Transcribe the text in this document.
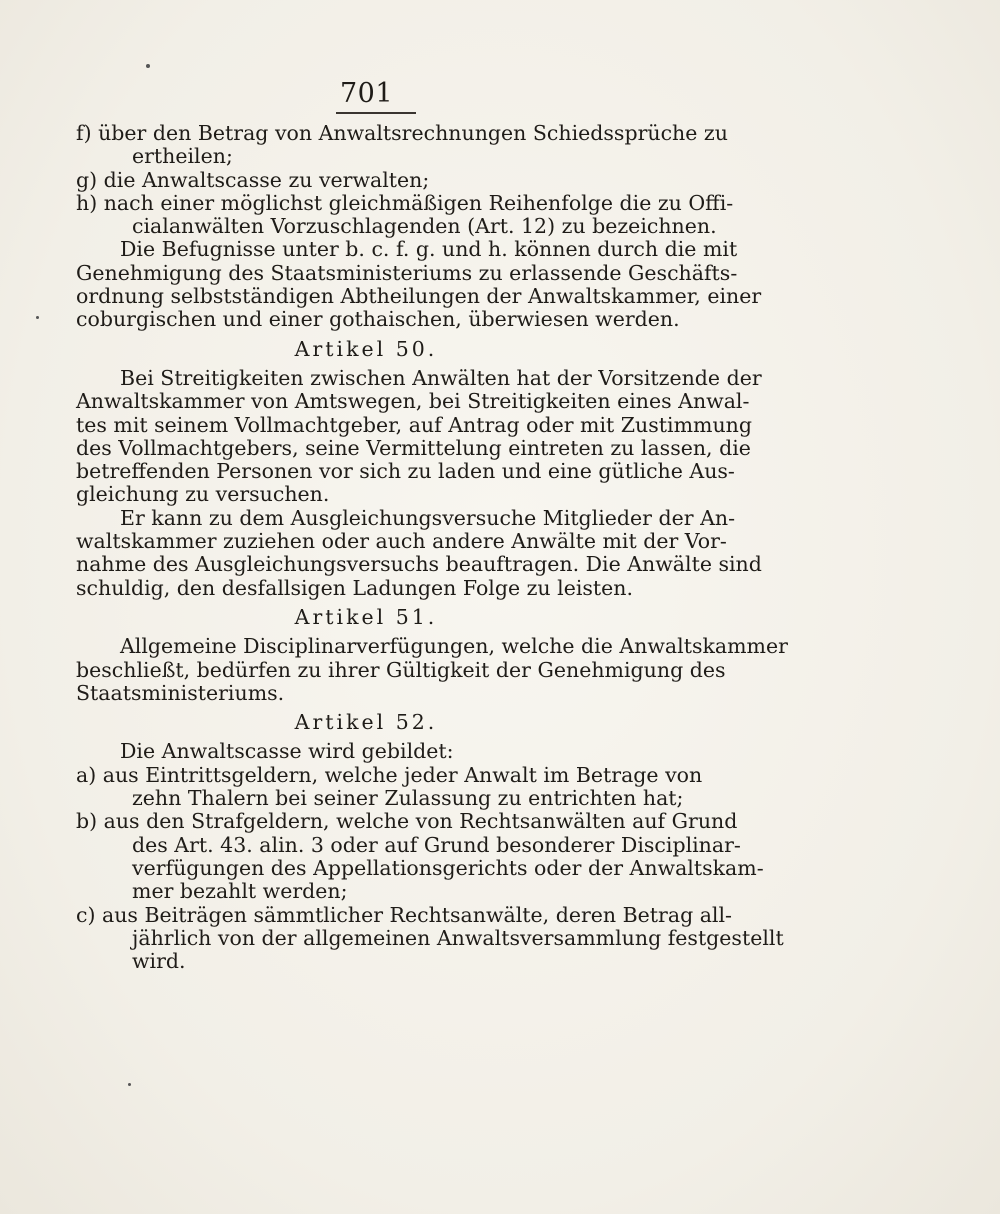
701
f) über den Betrag von Anwaltsrechnungen Schiedssprüche zu
ertheilen;
g) die Anwaltscasse zu verwalten;
h) nach einer möglichst gleichmäßigen Reihenfolge die zu Offi-
cialanwälten Vorzuschlagenden (Art. 12) zu bezeichnen.
Die Befugnisse unter b. c. f. g. und h. können durch die mit
Genehmigung des Staatsministeriums zu erlassende Geschäfts-
ordnung selbstständigen Abtheilungen der Anwaltskammer, einer
coburgischen und einer gothaischen, überwiesen werden.
Artikel 50.
Bei Streitigkeiten zwischen Anwälten hat der Vorsitzende der
Anwaltskammer von Amtswegen, bei Streitigkeiten eines Anwal-
tes mit seinem Vollmachtgeber, auf Antrag oder mit Zustimmung
des Vollmachtgebers, seine Vermittelung eintreten zu lassen, die
betreffenden Personen vor sich zu laden und eine gütliche Aus-
gleichung zu versuchen.
Er kann zu dem Ausgleichungsversuche Mitglieder der An-
waltskammer zuziehen oder auch andere Anwälte mit der Vor-
nahme des Ausgleichungsversuchs beauftragen. Die Anwälte sind
schuldig, den desfallsigen Ladungen Folge zu leisten.
Artikel 51.
Allgemeine Disciplinarverfügungen, welche die Anwaltskammer
beschließt, bedürfen zu ihrer Gültigkeit der Genehmigung des
Staatsministeriums.
Artikel 52.
Die Anwaltscasse wird gebildet:
a) aus Eintrittsgeldern, welche jeder Anwalt im Betrage von
zehn Thalern bei seiner Zulassung zu entrichten hat;
b) aus den Strafgeldern, welche von Rechtsanwälten auf Grund
des Art. 43. alin. 3 oder auf Grund besonderer Disciplinar-
verfügungen des Appellationsgerichts oder der Anwaltskam-
mer bezahlt werden;
c) aus Beiträgen sämmtlicher Rechtsanwälte, deren Betrag all-
jährlich von der allgemeinen Anwaltsversammlung festgestellt
wird.
